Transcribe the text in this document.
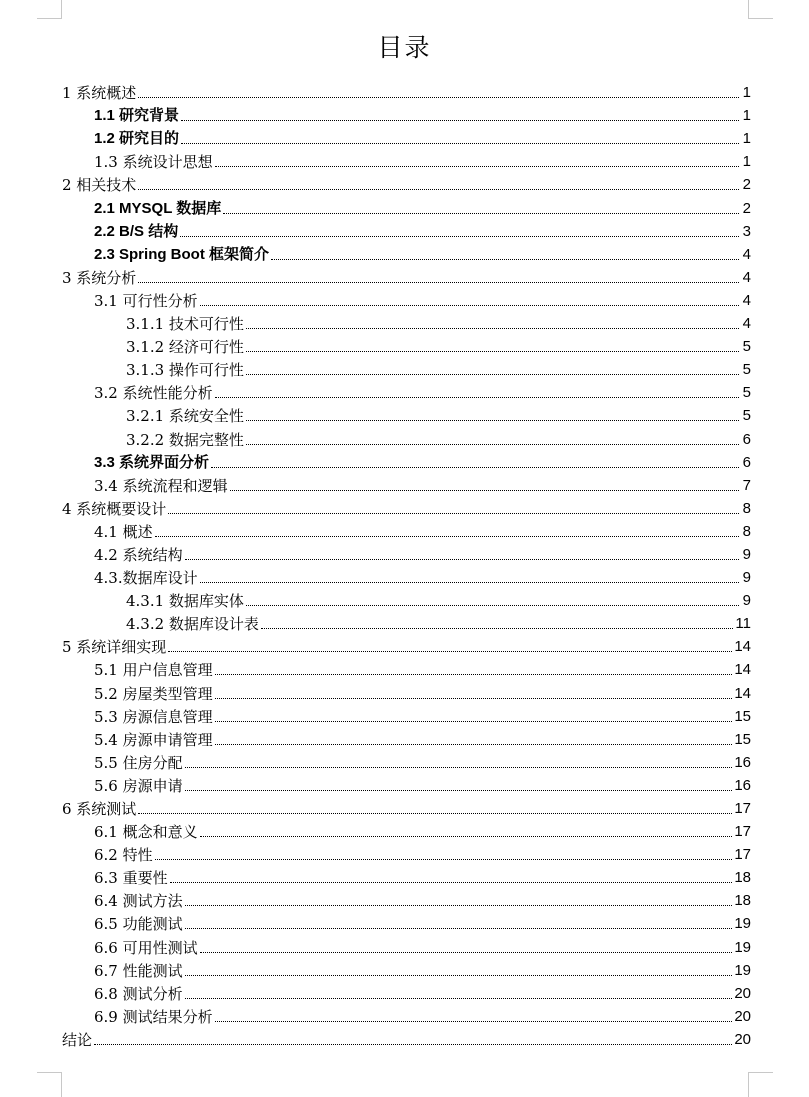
目录
1 系统概述	1
1.1 研究背景	1
1.2 研究目的	1
1.3 系统设计思想	1
2 相关技术	2
2.1 MYSQL 数据库	2
2.2 B/S 结构	3
2.3 Spring Boot 框架简介	4
3 系统分析	4
3.1 可行性分析	4
3.1.1 技术可行性	4
3.1.2 经济可行性	5
3.1.3 操作可行性	5
3.2 系统性能分析	5
3.2.1 系统安全性	5
3.2.2 数据完整性	6
3.3 系统界面分析	6
3.4 系统流程和逻辑	7
4 系统概要设计	8
4.1 概述	8
4.2 系统结构	9
4.3.数据库设计	9
4.3.1 数据库实体	9
4.3.2 数据库设计表	11
5 系统详细实现	14
5.1 用户信息管理	14
5.2 房屋类型管理	14
5.3 房源信息管理	15
5.4 房源申请管理	15
5.5 住房分配	16
5.6 房源申请	16
6 系统测试	17
6.1 概念和意义	17
6.2 特性	17
6.3 重要性	18
6.4 测试方法	18
6.5 功能测试	19
6.6 可用性测试	19
6.7 性能测试	19
6.8 测试分析	20
6.9 测试结果分析	20
结论	20
